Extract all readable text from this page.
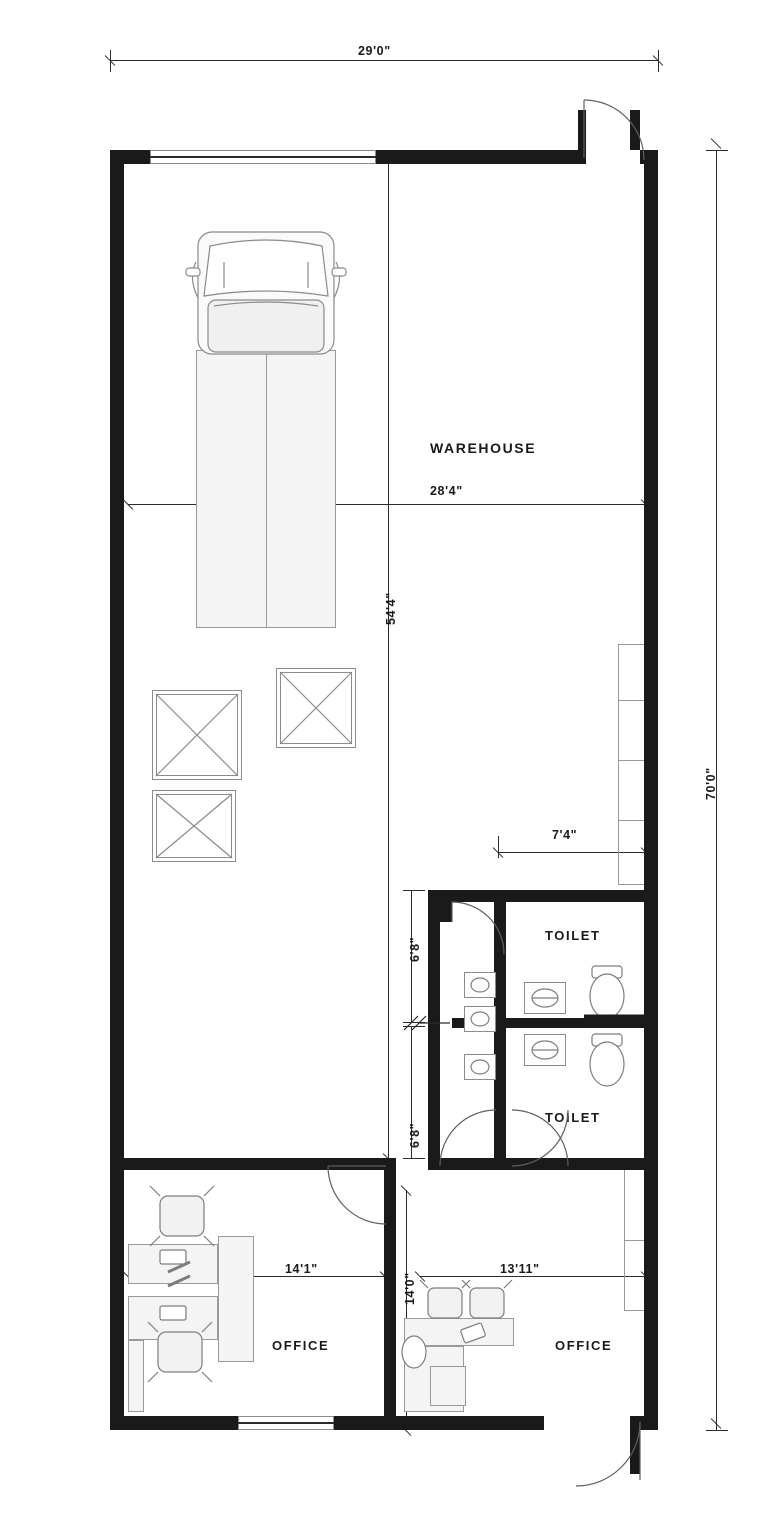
29'0"
70'0"
28'4"
54'4"
7'4"
6'8"
6'8"
14'1"	13'11"
14'0"
WAREHOUSE
TOILET
TOILET
OFFICE	OFFICE
